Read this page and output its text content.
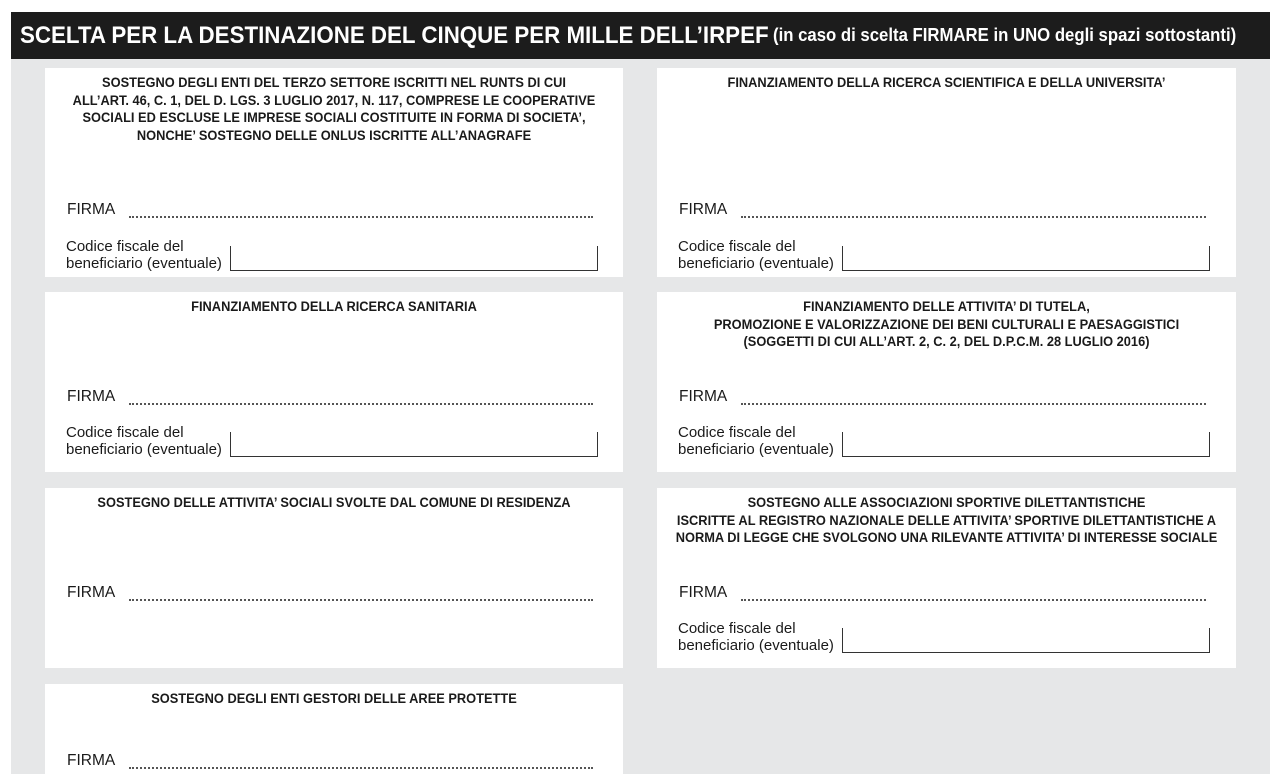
SCELTA PER LA DESTINAZIONE DEL CINQUE PER MILLE DELL’IRPEF (in caso di scelta FIRMARE in UNO degli spazi sottostanti)
SOSTEGNO DEGLI ENTI DEL TERZO SETTORE ISCRITTI NEL RUNTS DI CUI
ALL’ART. 46, C. 1, DEL D. LGS. 3 LUGLIO 2017, N. 117, COMPRESE LE COOPERATIVE
SOCIALI ED ESCLUSE LE IMPRESE SOCIALI COSTITUITE IN FORMA DI SOCIETA’,
NONCHE’ SOSTEGNO DELLE ONLUS ISCRITTE ALL’ANAGRAFE
FIRMA
Codice fiscale del
beneficiario (eventuale)
FINANZIAMENTO DELLA RICERCA SCIENTIFICA E DELLA UNIVERSITA’
FIRMA
Codice fiscale del
beneficiario (eventuale)
FINANZIAMENTO DELLA RICERCA SANITARIA
FIRMA
Codice fiscale del
beneficiario (eventuale)
FINANZIAMENTO DELLE ATTIVITA’ DI TUTELA,
PROMOZIONE E VALORIZZAZIONE DEI BENI CULTURALI E PAESAGGISTICI
(SOGGETTI DI CUI ALL’ART. 2, C. 2, DEL D.P.C.M. 28 LUGLIO 2016)
FIRMA
Codice fiscale del
beneficiario (eventuale)
SOSTEGNO DELLE ATTIVITA’ SOCIALI SVOLTE DAL COMUNE DI RESIDENZA
FIRMA
SOSTEGNO ALLE ASSOCIAZIONI SPORTIVE DILETTANTISTICHE
ISCRITTE AL REGISTRO NAZIONALE DELLE ATTIVITA’ SPORTIVE DILETTANTISTICHE A
NORMA DI LEGGE CHE SVOLGONO UNA RILEVANTE ATTIVITA’ DI INTERESSE SOCIALE
FIRMA
Codice fiscale del
beneficiario (eventuale)
SOSTEGNO DEGLI ENTI GESTORI DELLE AREE PROTETTE
FIRMA
